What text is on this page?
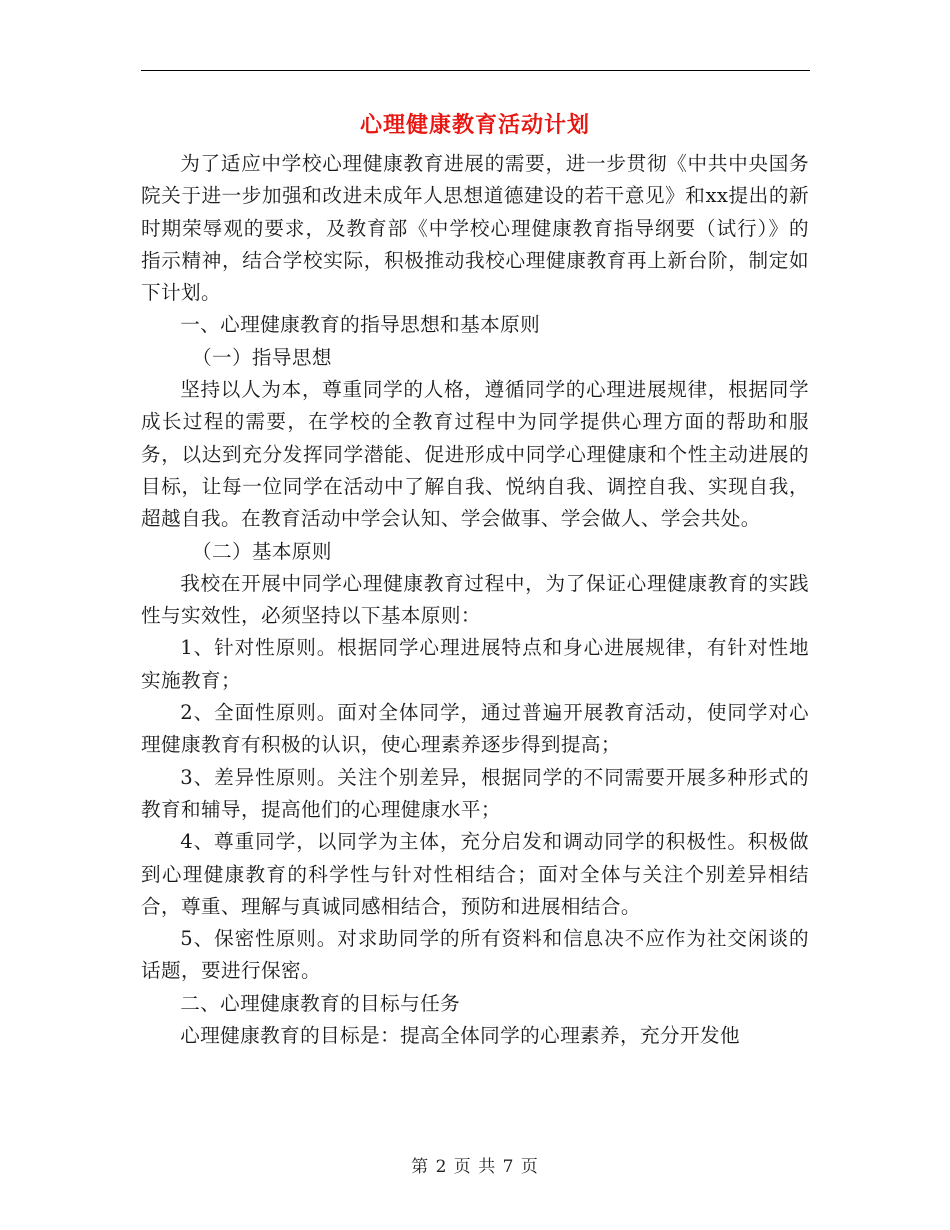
心理健康教育活动计划

为了适应中学校心理健康教育进展的需要，进一步贯彻《中共中央国务院关于进一步加强和改进未成年人思想道德建设的若干意见》和xx提出的新时期荣辱观的要求，及教育部《中学校心理健康教育指导纲要（试行）》的指示精神，结合学校实际，积极推动我校心理健康教育再上新台阶，制定如下计划。

一、心理健康教育的指导思想和基本原则

（一）指导思想

坚持以人为本，尊重同学的人格，遵循同学的心理进展规律，根据同学成长过程的需要，在学校的全教育过程中为同学提供心理方面的帮助和服务，以达到充分发挥同学潜能、促进形成中同学心理健康和个性主动进展的目标，让每一位同学在活动中了解自我、悦纳自我、调控自我、实现自我，超越自我。在教育活动中学会认知、学会做事、学会做人、学会共处。

（二）基本原则

我校在开展中同学心理健康教育过程中，为了保证心理健康教育的实践性与实效性，必须坚持以下基本原则：

1、针对性原则。根据同学心理进展特点和身心进展规律，有针对性地实施教育；

2、全面性原则。面对全体同学，通过普遍开展教育活动，使同学对心理健康教育有积极的认识，使心理素养逐步得到提高；

3、差异性原则。关注个别差异，根据同学的不同需要开展多种形式的教育和辅导，提高他们的心理健康水平；

4、尊重同学，以同学为主体，充分启发和调动同学的积极性。积极做到心理健康教育的科学性与针对性相结合；面对全体与关注个别差异相结合，尊重、理解与真诚同感相结合，预防和进展相结合。

5、保密性原则。对求助同学的所有资料和信息决不应作为社交闲谈的话题，要进行保密。

二、心理健康教育的目标与任务

心理健康教育的目标是：提高全体同学的心理素养，充分开发他

第 2 页 共 7 页
